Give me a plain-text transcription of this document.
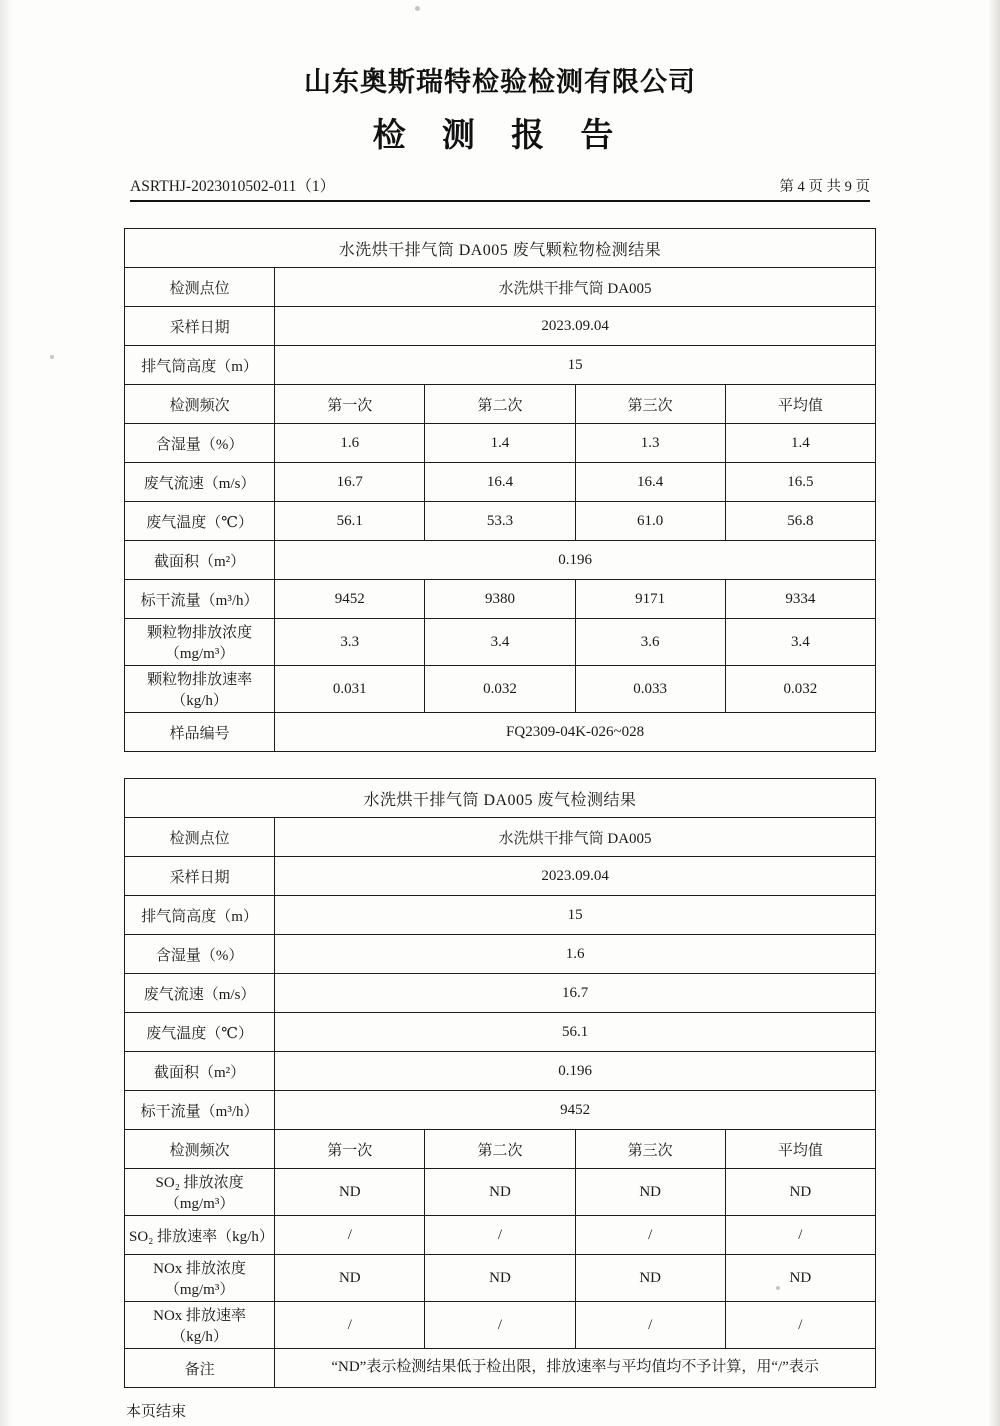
山东奥斯瑞特检验检测有限公司
检 测 报 告
ASRTHJ-2023010502-011（1）	第 4 页 共 9 页
水洗烘干排气筒 DA005 废气颗粒物检测结果				
检测点位	水洗烘干排气筒 DA005			
采样日期	2023.09.04			
排气筒高度（m）	15			
检测频次	第一次	第二次	第三次	平均值
含湿量（%）	1.6	1.4	1.3	1.4
废气流速（m/s）	16.7	16.4	16.4	16.5
废气温度（℃）	56.1	53.3	61.0	56.8
截面积（m²）	0.196			
标干流量（m³/h）	9452	9380	9171	9334
颗粒物排放浓度（mg/m³）	3.3	3.4	3.6	3.4
颗粒物排放速率（kg/h）	0.031	0.032	0.033	0.032
样品编号	FQ2309-04K-026~028			
水洗烘干排气筒 DA005 废气检测结果				
检测点位	水洗烘干排气筒 DA005			
采样日期	2023.09.04			
排气筒高度（m）	15			
含湿量（%）	1.6			
废气流速（m/s）	16.7			
废气温度（℃）	56.1			
截面积（m²）	0.196			
标干流量（m³/h）	9452			
检测频次	第一次	第二次	第三次	平均值
SO₂ 排放浓度（mg/m³）	ND	ND	ND	ND
SO₂ 排放速率（kg/h）	/	/	/	/
NOx 排放浓度（mg/m³）	ND	ND	ND	ND
NOx 排放速率（kg/h）	/	/	/	/
备注	“ND”表示检测结果低于检出限，排放速率与平均值均不予计算，用“/”表示			
本页结束
